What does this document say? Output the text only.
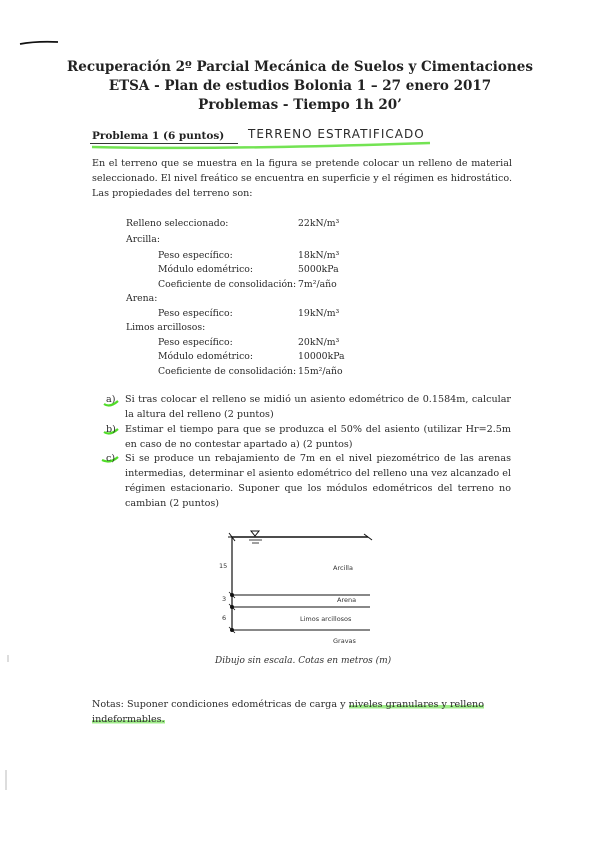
Recuperación 2º Parcial Mecánica de Suelos y Cimentaciones
ETSA - Plan de estudios Bolonia 1 – 27 enero 2017
Problemas - Tiempo 1h 20’
Problema 1 (6 puntos) TERRENO ESTRATIFICADO
En el terreno que se muestra en la figura se pretende colocar un relleno de material seleccionado. El nivel freático se encuentra en superficie y el régimen es hidrostático. Las propiedades del terreno son:
Relleno seleccionado:	22kN/m³
Arcilla:
Peso específico:	18kN/m³
Módulo edométrico:	5000kPa
Coeficiente de consolidación: 7m²/año
Arena:
Peso específico:	19kN/m³
Limos arcillosos:
Peso específico:	20kN/m³
Módulo edométrico:	10000kPa
Coeficiente de consolidación: 15m²/año
a) Si tras colocar el relleno se midió un asiento edométrico de 0.1584m, calcular la altura del relleno (2 puntos)
b) Estimar el tiempo para que se produzca el 50% del asiento (utilizar Hr=2.5m en caso de no contestar apartado a) (2 puntos)
c) Si se produce un rebajamiento de 7m en el nivel piezométrico de las arenas intermedias, determinar el asiento edométrico del relleno una vez alcanzado el régimen estacionario. Suponer que los módulos edométricos del terreno no cambian (2 puntos)
15
3
6
Arcilla
Arena
Limos arcillosos
Gravas
Dibujo sin escala. Cotas en metros (m)
Notas: Suponer condiciones edométricas de carga y niveles granulares y relleno
indeformables.
